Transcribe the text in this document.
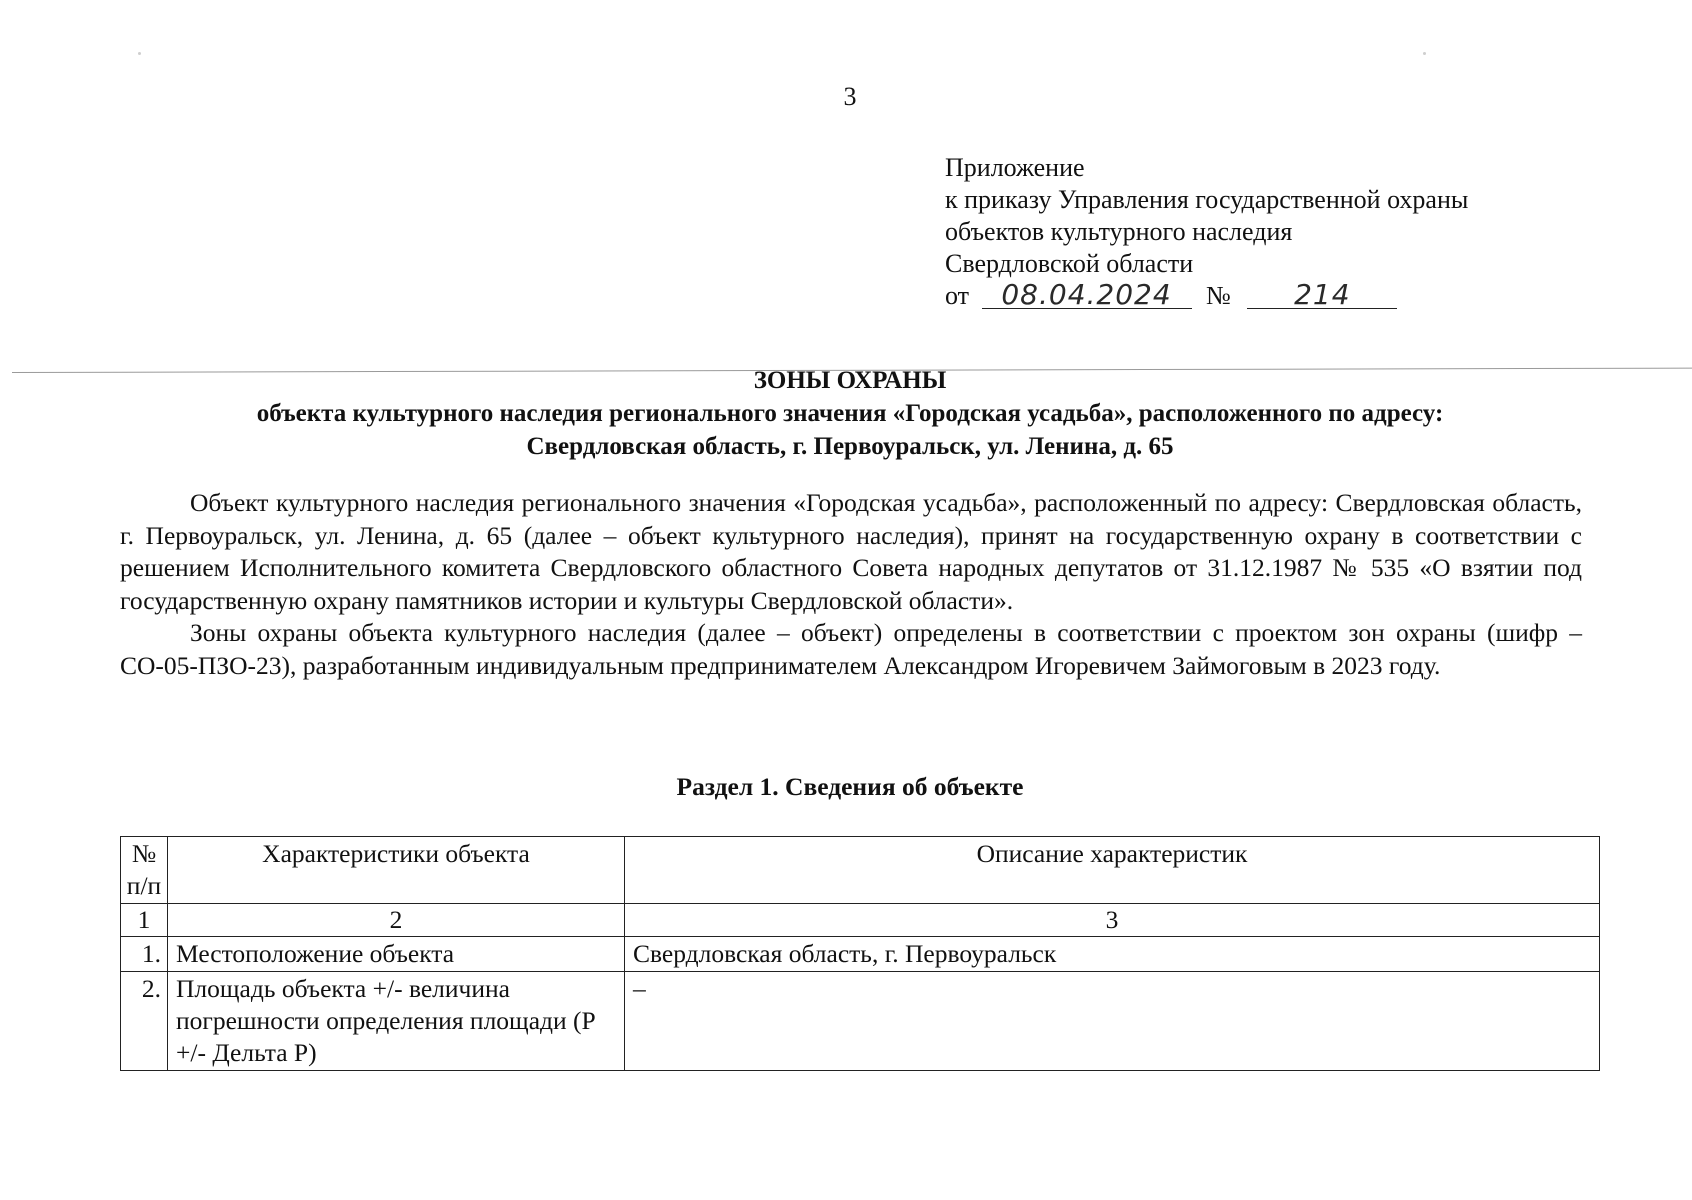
3
Приложение
к приказу Управления государственной охраны
объектов культурного наследия
Свердловской области
от 08.04.2024 № 214
ЗОНЫ ОХРАНЫ
объекта культурного наследия регионального значения «Городская усадьба», расположенного по адресу:
Свердловская область, г. Первоуральск, ул. Ленина, д. 65

Объект культурного наследия регионального значения «Городская усадьба», расположенный по адресу: Свердловская область, г. Первоуральск, ул. Ленина, д. 65 (далее – объект культурного наследия), принят на государственную охрану в соответствии с решением Исполнительного комитета Свердловского областного Совета народных депутатов от 31.12.1987 № 535 «О взятии под государственную охрану памятников истории и культуры Свердловской области».

Зоны охраны объекта культурного наследия (далее – объект) определены в соответствии с проектом зон охраны (шифр – СО-05-ПЗО-23), разработанным индивидуальным предпринимателем Александром Игоревичем Займоговым в 2023 году.

Раздел 1. Сведения об объекте
№ п/п	Характеристики объекта	Описание характеристик
1	2	3
1.	Местоположение объекта	Свердловская область, г. Первоуральск
2.	Площадь объекта +/- величина погрешности определения площади (Р +/- Дельта Р)	–
